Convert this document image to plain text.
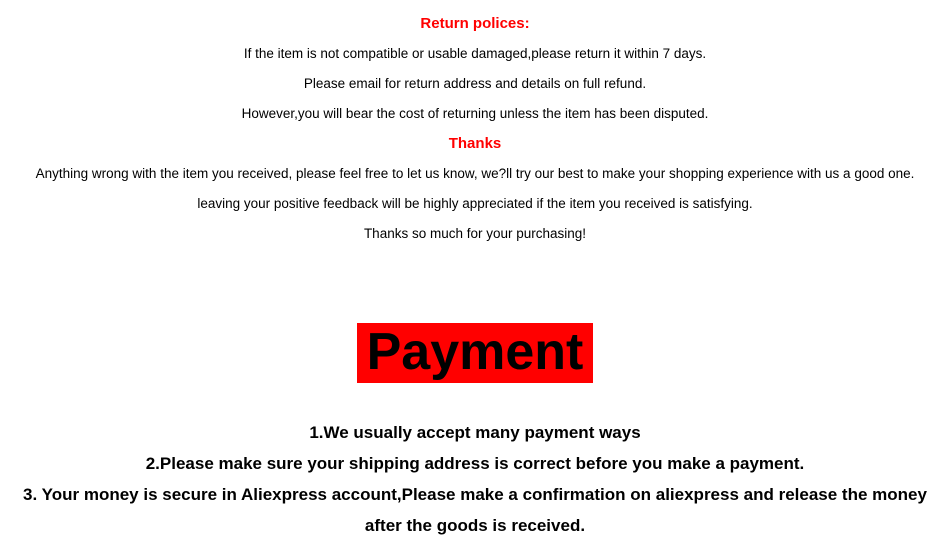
Return polices:
If the item is not compatible or usable damaged,please return it within 7 days.
Please email for return address and details on full refund.
However,you will bear the cost of returning unless the item has been disputed.
Thanks
Anything wrong with the item you received, please feel free to let us know, we?ll try our best to make your shopping experience with us a good one.
leaving your positive feedback will be highly appreciated if the item you received is satisfying.
Thanks so much for your purchasing!
Payment
1.We usually accept many payment ways
2.Please make sure your shipping address is correct before you make a payment.
3. Your money is secure in Aliexpress account,Please make a confirmation on aliexpress and release the money after the goods is received.
